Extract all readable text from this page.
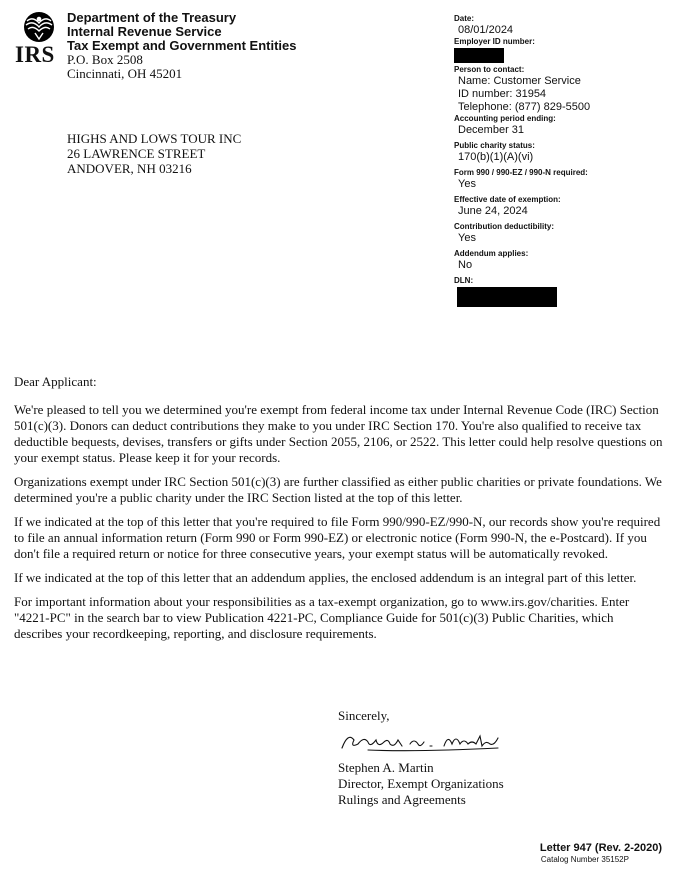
IRS
Department of the Treasury
Internal Revenue Service
Tax Exempt and Government Entities
P.O. Box 2508
Cincinnati, OH 45201
HIGHS AND LOWS TOUR INC
26 LAWRENCE STREET
ANDOVER, NH 03216
Date:
08/01/2024
Employer ID number:
Person to contact:
Name: Customer Service
ID number: 31954
Telephone: (877) 829-5500
Accounting period ending:
December 31
Public charity status:
170(b)(1)(A)(vi)
Form 990 / 990-EZ / 990-N required:
Yes
Effective date of exemption:
June 24, 2024
Contribution deductibility:
Yes
Addendum applies:
No
DLN:

Dear Applicant:

We're pleased to tell you we determined you're exempt from federal income tax under Internal Revenue Code (IRC) Section 501(c)(3). Donors can deduct contributions they make to you under IRC Section 170. You're also qualified to receive tax deductible bequests, devises, transfers or gifts under Section 2055, 2106, or 2522. This letter could help resolve questions on your exempt status. Please keep it for your records.

Organizations exempt under IRC Section 501(c)(3) are further classified as either public charities or private foundations. We determined you're a public charity under the IRC Section listed at the top of this letter.

If we indicated at the top of this letter that you're required to file Form 990/990-EZ/990-N, our records show you're required to file an annual information return (Form 990 or Form 990-EZ) or electronic notice (Form 990-N, the e-Postcard). If you don't file a required return or notice for three consecutive years, your exempt status will be automatically revoked.

If we indicated at the top of this letter that an addendum applies, the enclosed addendum is an integral part of this letter.

For important information about your responsibilities as a tax-exempt organization, go to www.irs.gov/charities. Enter "4221-PC" in the search bar to view Publication 4221-PC, Compliance Guide for 501(c)(3) Public Charities, which describes your recordkeeping, reporting, and disclosure requirements.

Sincerely,
Stephen A. Martin
Director, Exempt Organizations
Rulings and Agreements
Letter 947 (Rev. 2-2020)
Catalog Number 35152P
